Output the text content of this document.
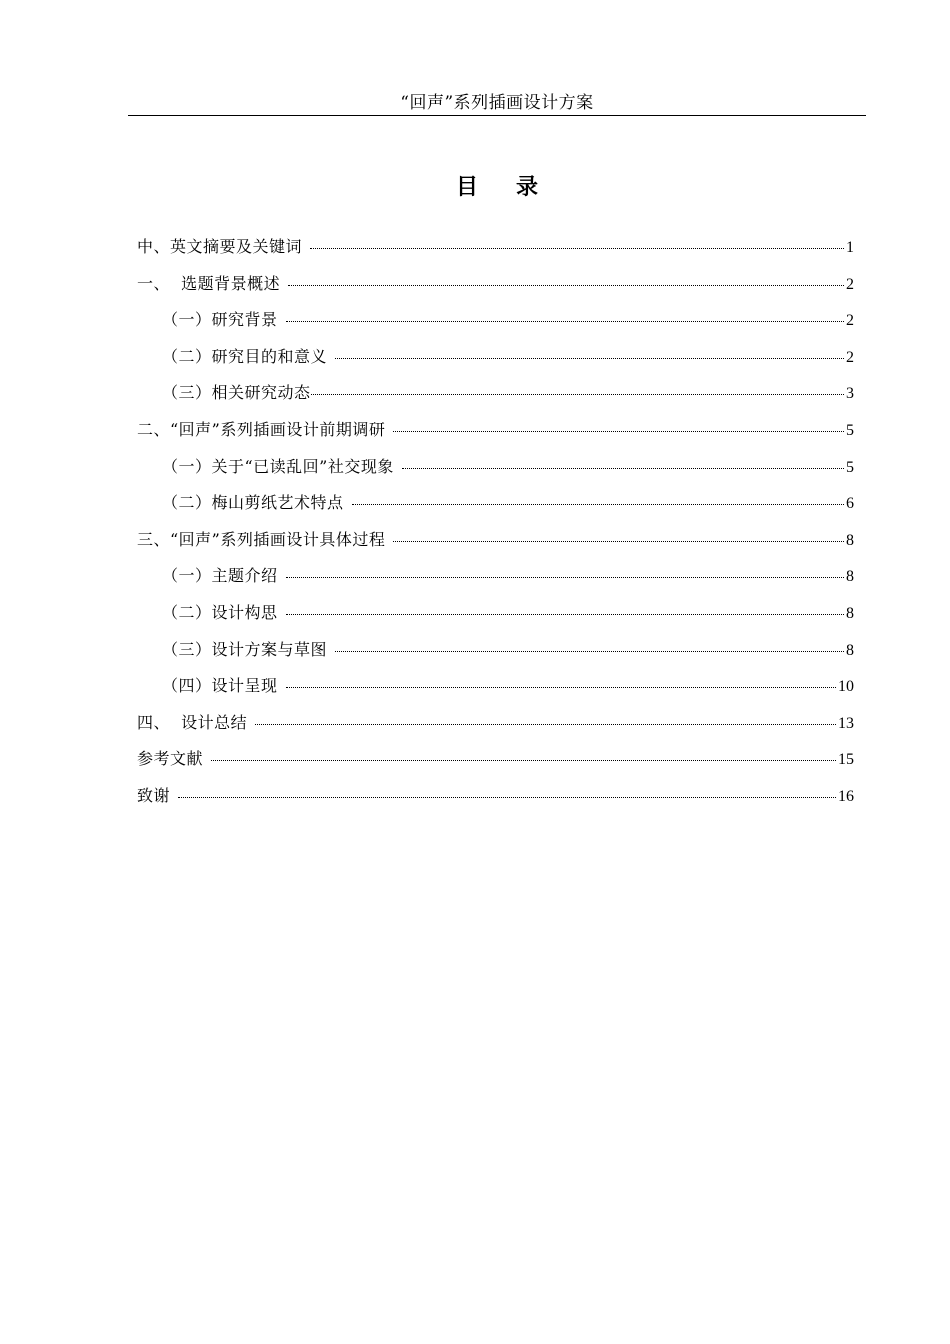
“回声”系列插画设计方案
目录
中、英文摘要及关键词	1
一、  选题背景概述	2
（一）研究背景	2
（二）研究目的和意义	2
（三）相关研究动态	3
二、“回声”系列插画设计前期调研	5
（一）关于“已读乱回”社交现象	5
（二）梅山剪纸艺术特点	6
三、“回声”系列插画设计具体过程	8
（一）主题介绍	8
（二）设计构思	8
（三）设计方案与草图	8
（四）设计呈现	10
四、  设计总结	13
参考文献	15
致谢	16
